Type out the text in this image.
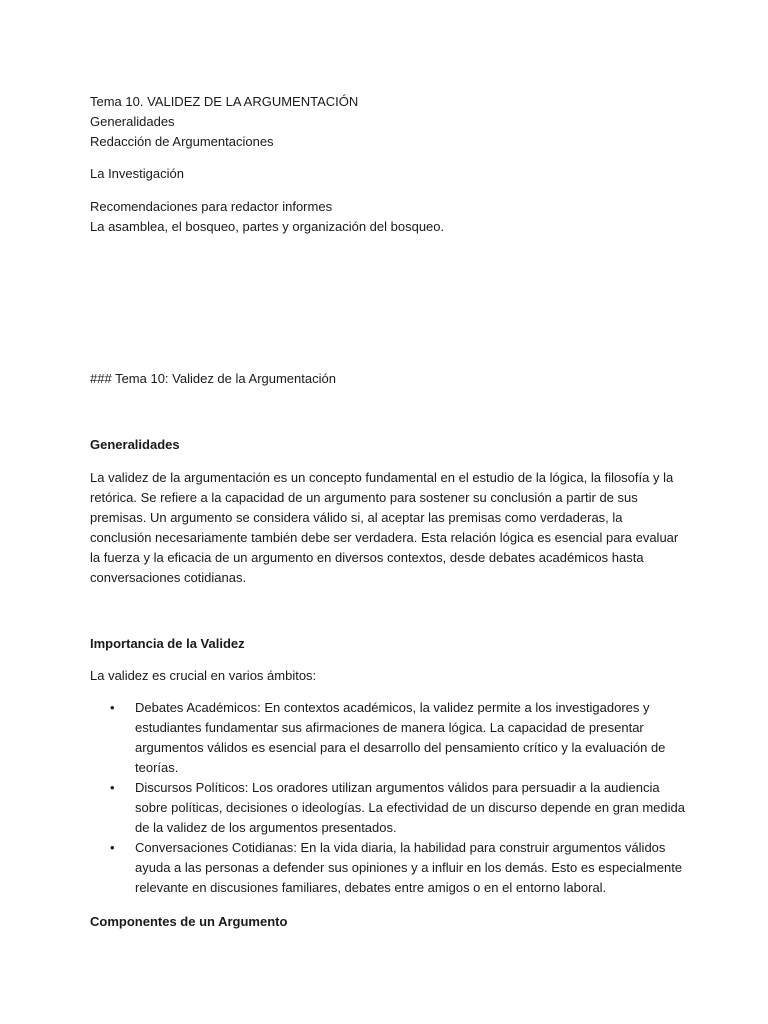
Tema 10. VALIDEZ DE LA ARGUMENTACIÓN
Generalidades
Redacción de Argumentaciones
La Investigación
Recomendaciones para redactor informes
La asamblea, el bosqueo, partes y organización del bosqueo.
### Tema 10: Validez de la Argumentación
Generalidades
La validez de la argumentación es un concepto fundamental en el estudio de la lógica, la filosofía y la retórica. Se refiere a la capacidad de un argumento para sostener su conclusión a partir de sus premisas. Un argumento se considera válido si, al aceptar las premisas como verdaderas, la conclusión necesariamente también debe ser verdadera. Esta relación lógica es esencial para evaluar la fuerza y la eficacia de un argumento en diversos contextos, desde debates académicos hasta conversaciones cotidianas.
Importancia de la Validez
La validez es crucial en varios ámbitos:
• Debates Académicos: En contextos académicos, la validez permite a los investigadores y estudiantes fundamentar sus afirmaciones de manera lógica. La capacidad de presentar argumentos válidos es esencial para el desarrollo del pensamiento crítico y la evaluación de teorías.
• Discursos Políticos: Los oradores utilizan argumentos válidos para persuadir a la audiencia sobre políticas, decisiones o ideologías. La efectividad de un discurso depende en gran medida de la validez de los argumentos presentados.
• Conversaciones Cotidianas: En la vida diaria, la habilidad para construir argumentos válidos ayuda a las personas a defender sus opiniones y a influir en los demás. Esto es especialmente relevante en discusiones familiares, debates entre amigos o en el entorno laboral.
Componentes de un Argumento
